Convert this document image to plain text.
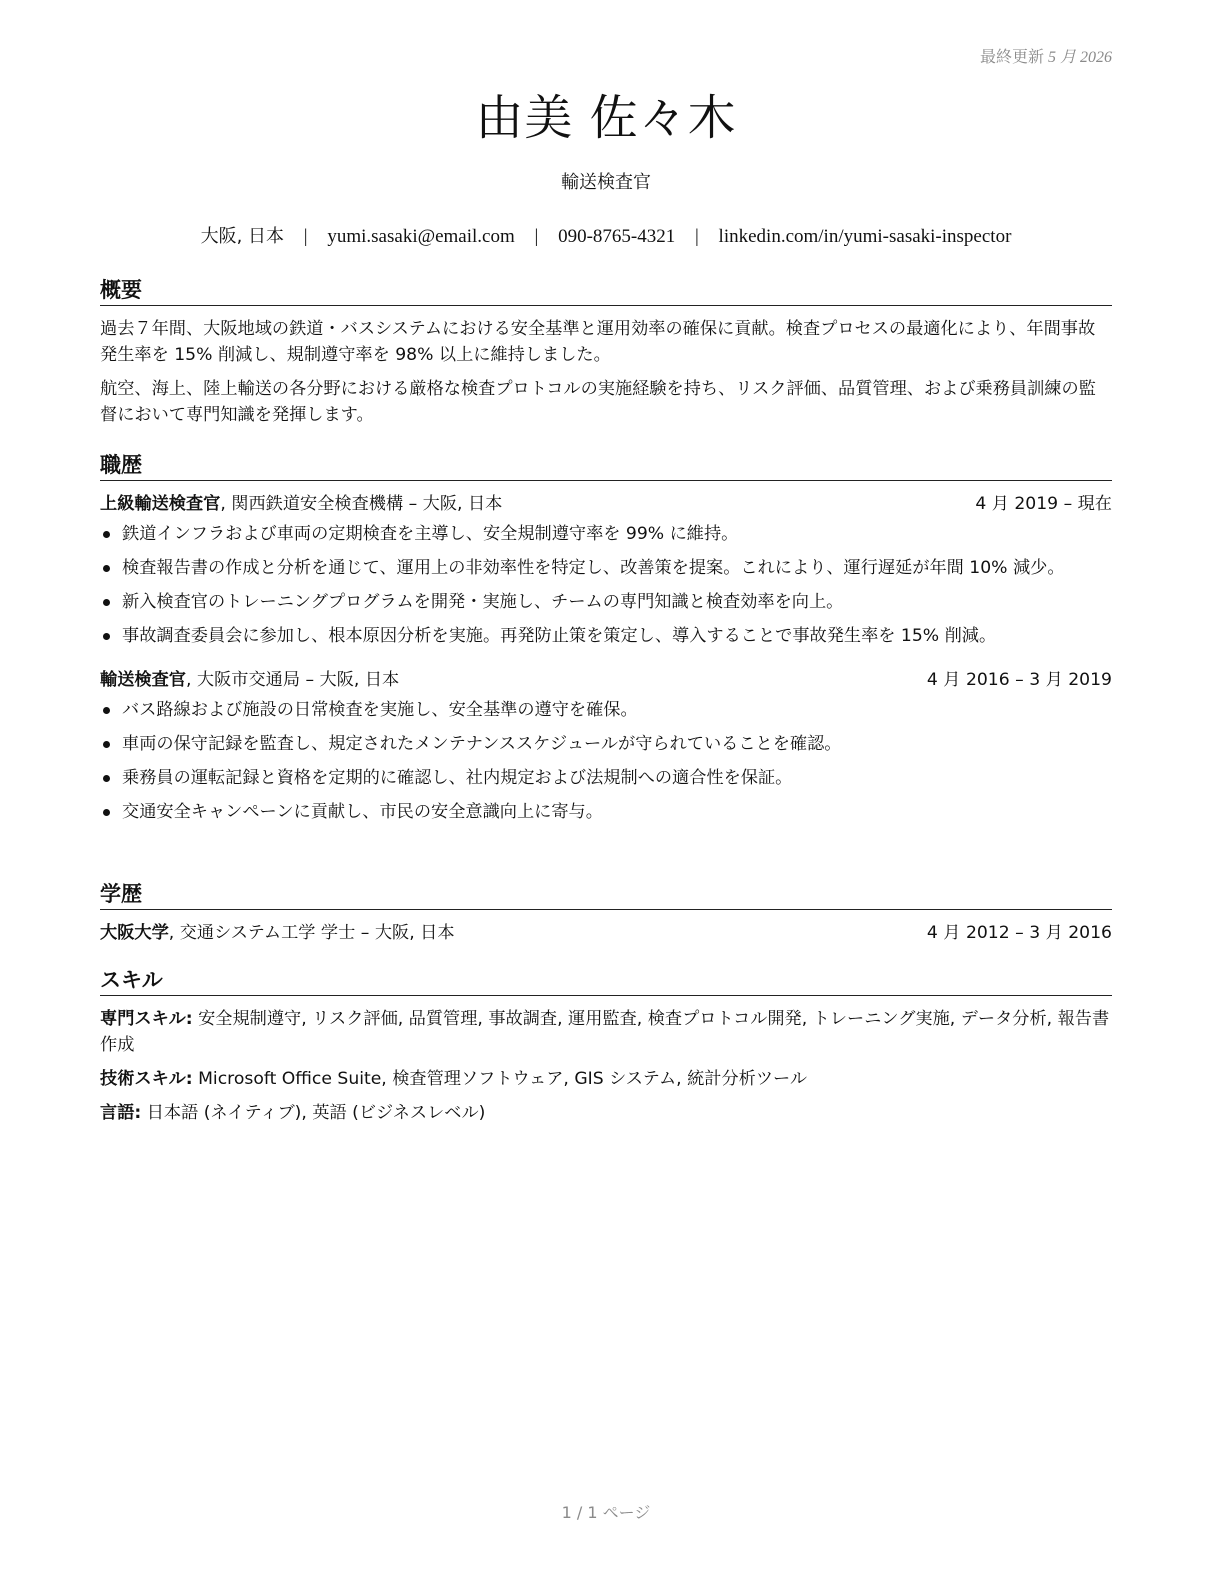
最終更新 5 月 2026
由美 佐々木
輸送検査官
大阪, 日本 | yumi.sasaki@email.com | 090-8765-4321 | linkedin.com/in/yumi-sasaki-inspector
概要

過去７年間、大阪地域の鉄道・バスシステムにおける安全基準と運用効率の確保に貢献。検査プロセスの最適化により、年間事故発生率を 15% 削減し、規制遵守率を 98% 以上に維持しました。

航空、海上、陸上輸送の各分野における厳格な検査プロトコルの実施経験を持ち、リスク評価、品質管理、および乗務員訓練の監督において専門知識を発揮します。

職歴
上級輸送検査官, 関西鉄道安全検査機構 – 大阪, 日本	4 月 2019 – 現在
鉄道インフラおよび車両の定期検査を主導し、安全規制遵守率を 99% に維持。
検査報告書の作成と分析を通じて、運用上の非効率性を特定し、改善策を提案。これにより、運行遅延が年間 10% 減少。
新入検査官のトレーニングプログラムを開発・実施し、チームの専門知識と検査効率を向上。
事故調査委員会に参加し、根本原因分析を実施。再発防止策を策定し、導入することで事故発生率を 15% 削減。
輸送検査官, 大阪市交通局 – 大阪, 日本	4 月 2016 – 3 月 2019
バス路線および施設の日常検査を実施し、安全基準の遵守を確保。
車両の保守記録を監査し、規定されたメンテナンススケジュールが守られていることを確認。
乗務員の運転記録と資格を定期的に確認し、社内規定および法規制への適合性を保証。
交通安全キャンペーンに貢献し、市民の安全意識向上に寄与。
学歴
大阪大学, 交通システム工学 学士 – 大阪, 日本	4 月 2012 – 3 月 2016
スキル

専門スキル: 安全規制遵守, リスク評価, 品質管理, 事故調査, 運用監査, 検査プロトコル開発, トレーニング実施, データ分析, 報告書作成

技術スキル: Microsoft Office Suite, 検査管理ソフトウェア, GIS システム, 統計分析ツール

言語: 日本語 (ネイティブ), 英語 (ビジネスレベル)

1 / 1 ページ
